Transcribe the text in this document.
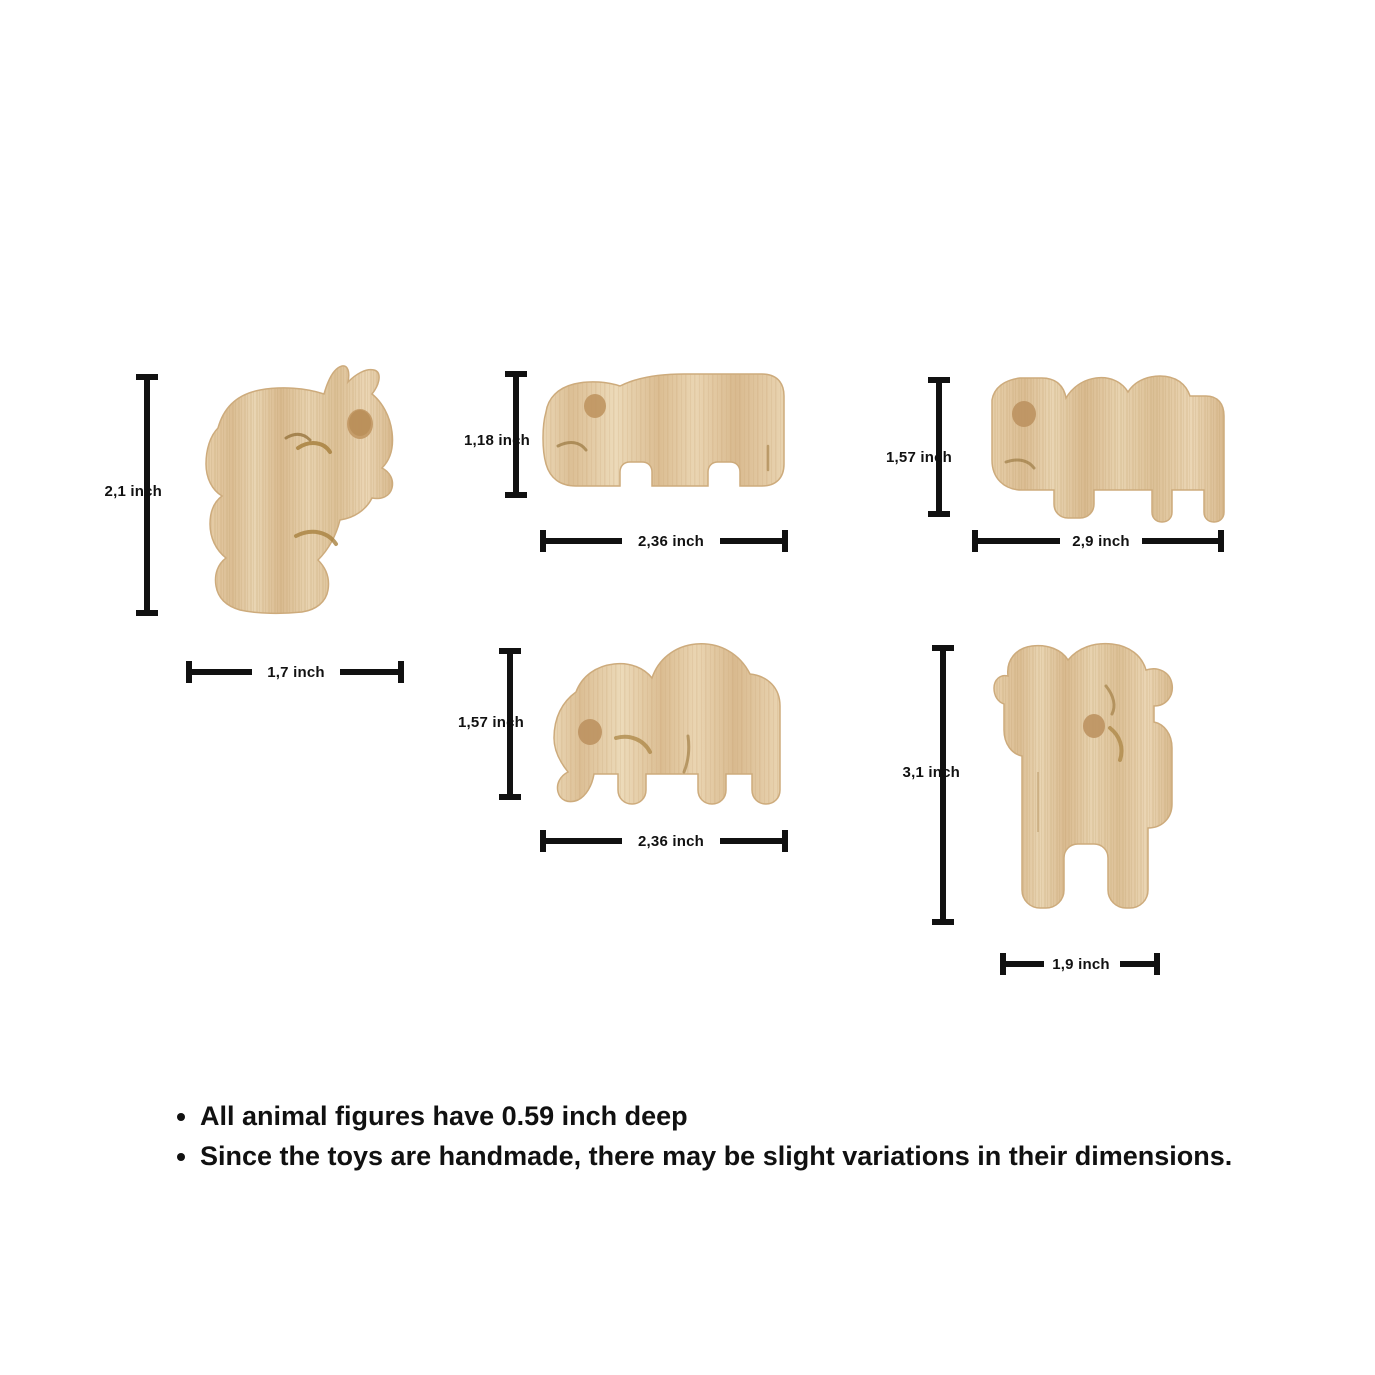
2,1 inch
1,7 inch
1,18 inch
2,36 inch
1,57 inch
2,9 inch
1,57 inch
2,36 inch
3,1 inch
1,9 inch
• All animal figures have 0.59 inch deep
• Since the toys are handmade, there may be slight variations in their dimensions.
